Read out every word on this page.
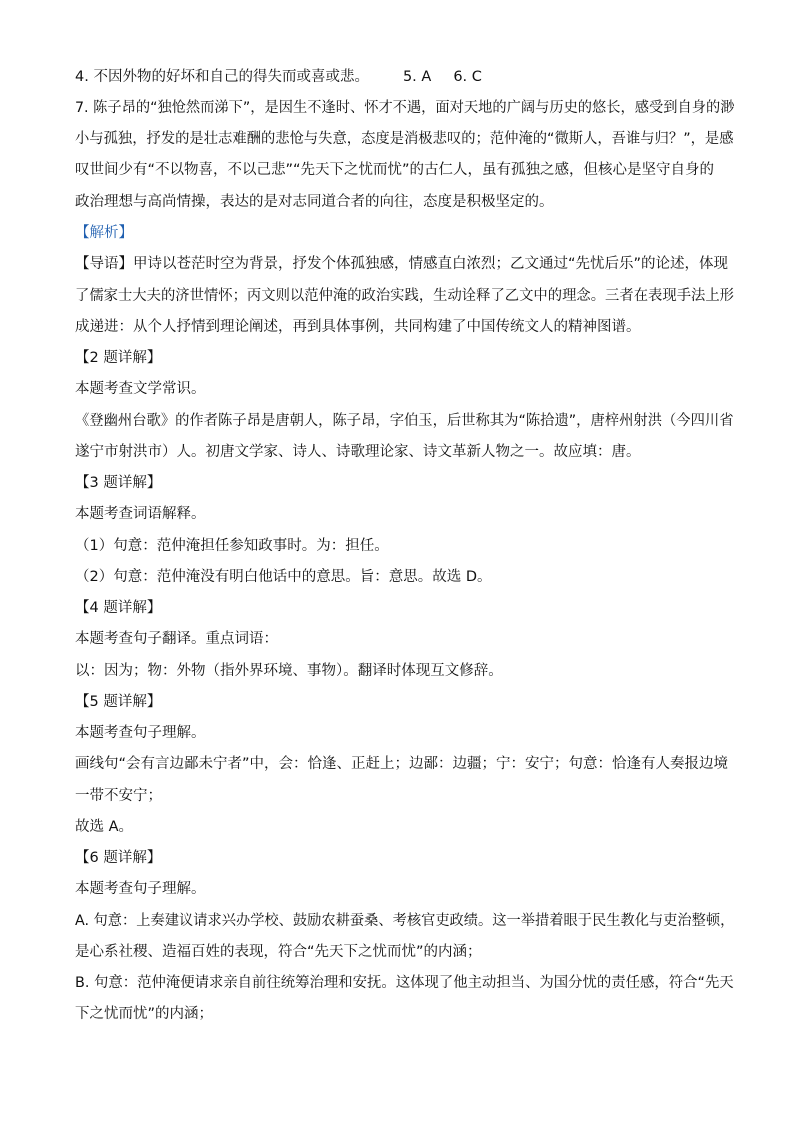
4. 不因外物的好坏和自己的得失而或喜或悲。 5. A 6. C
7. 陈子昂的“独怆然而涕下”，是因生不逢时、怀才不遇，面对天地的广阔与历史的悠长，感受到自身的渺
小与孤独，抒发的是壮志难酬的悲怆与失意，态度是消极悲叹的；范仲淹的“微斯人，吾谁与归？”，是感
叹世间少有“不以物喜，不以己悲”“先天下之忧而忧”的古仁人，虽有孤独之感，但核心是坚守自身的
政治理想与高尚情操，表达的是对志同道合者的向往，态度是积极坚定的。
【解析】
【导语】甲诗以苍茫时空为背景，抒发个体孤独感，情感直白浓烈；乙文通过“先忧后乐”的论述，体现
了儒家士大夫的济世情怀；丙文则以范仲淹的政治实践，生动诠释了乙文中的理念。三者在表现手法上形
成递进：从个人抒情到理论阐述，再到具体事例，共同构建了中国传统文人的精神图谱。
【2 题详解】
本题考查文学常识。
《登幽州台歌》的作者陈子昂是唐朝人，陈子昂，字伯玉，后世称其为“陈拾遗”，唐梓州射洪（今四川省
遂宁市射洪市）人。初唐文学家、诗人、诗歌理论家、诗文革新人物之一。故应填：唐。
【3 题详解】
本题考查词语解释。
（1）句意：范仲淹担任参知政事时。为：担任。
（2）句意：范仲淹没有明白他话中的意思。旨：意思。故选 D。
【4 题详解】
本题考查句子翻译。重点词语：
以：因为；物：外物（指外界环境、事物）。翻译时体现互文修辞。
【5 题详解】
本题考查句子理解。
画线句“会有言边鄙未宁者”中，会：恰逢、正赶上；边鄙：边疆；宁：安宁；句意：恰逢有人奏报边境
一带不安宁；
故选 A。
【6 题详解】
本题考查句子理解。
A. 句意：上奏建议请求兴办学校、鼓励农耕蚕桑、考核官吏政绩。这一举措着眼于民生教化与吏治整顿，
是心系社稷、造福百姓的表现，符合“先天下之忧而忧”的内涵；
B. 句意：范仲淹便请求亲自前往统筹治理和安抚。这体现了他主动担当、为国分忧的责任感，符合“先天
下之忧而忧”的内涵；
